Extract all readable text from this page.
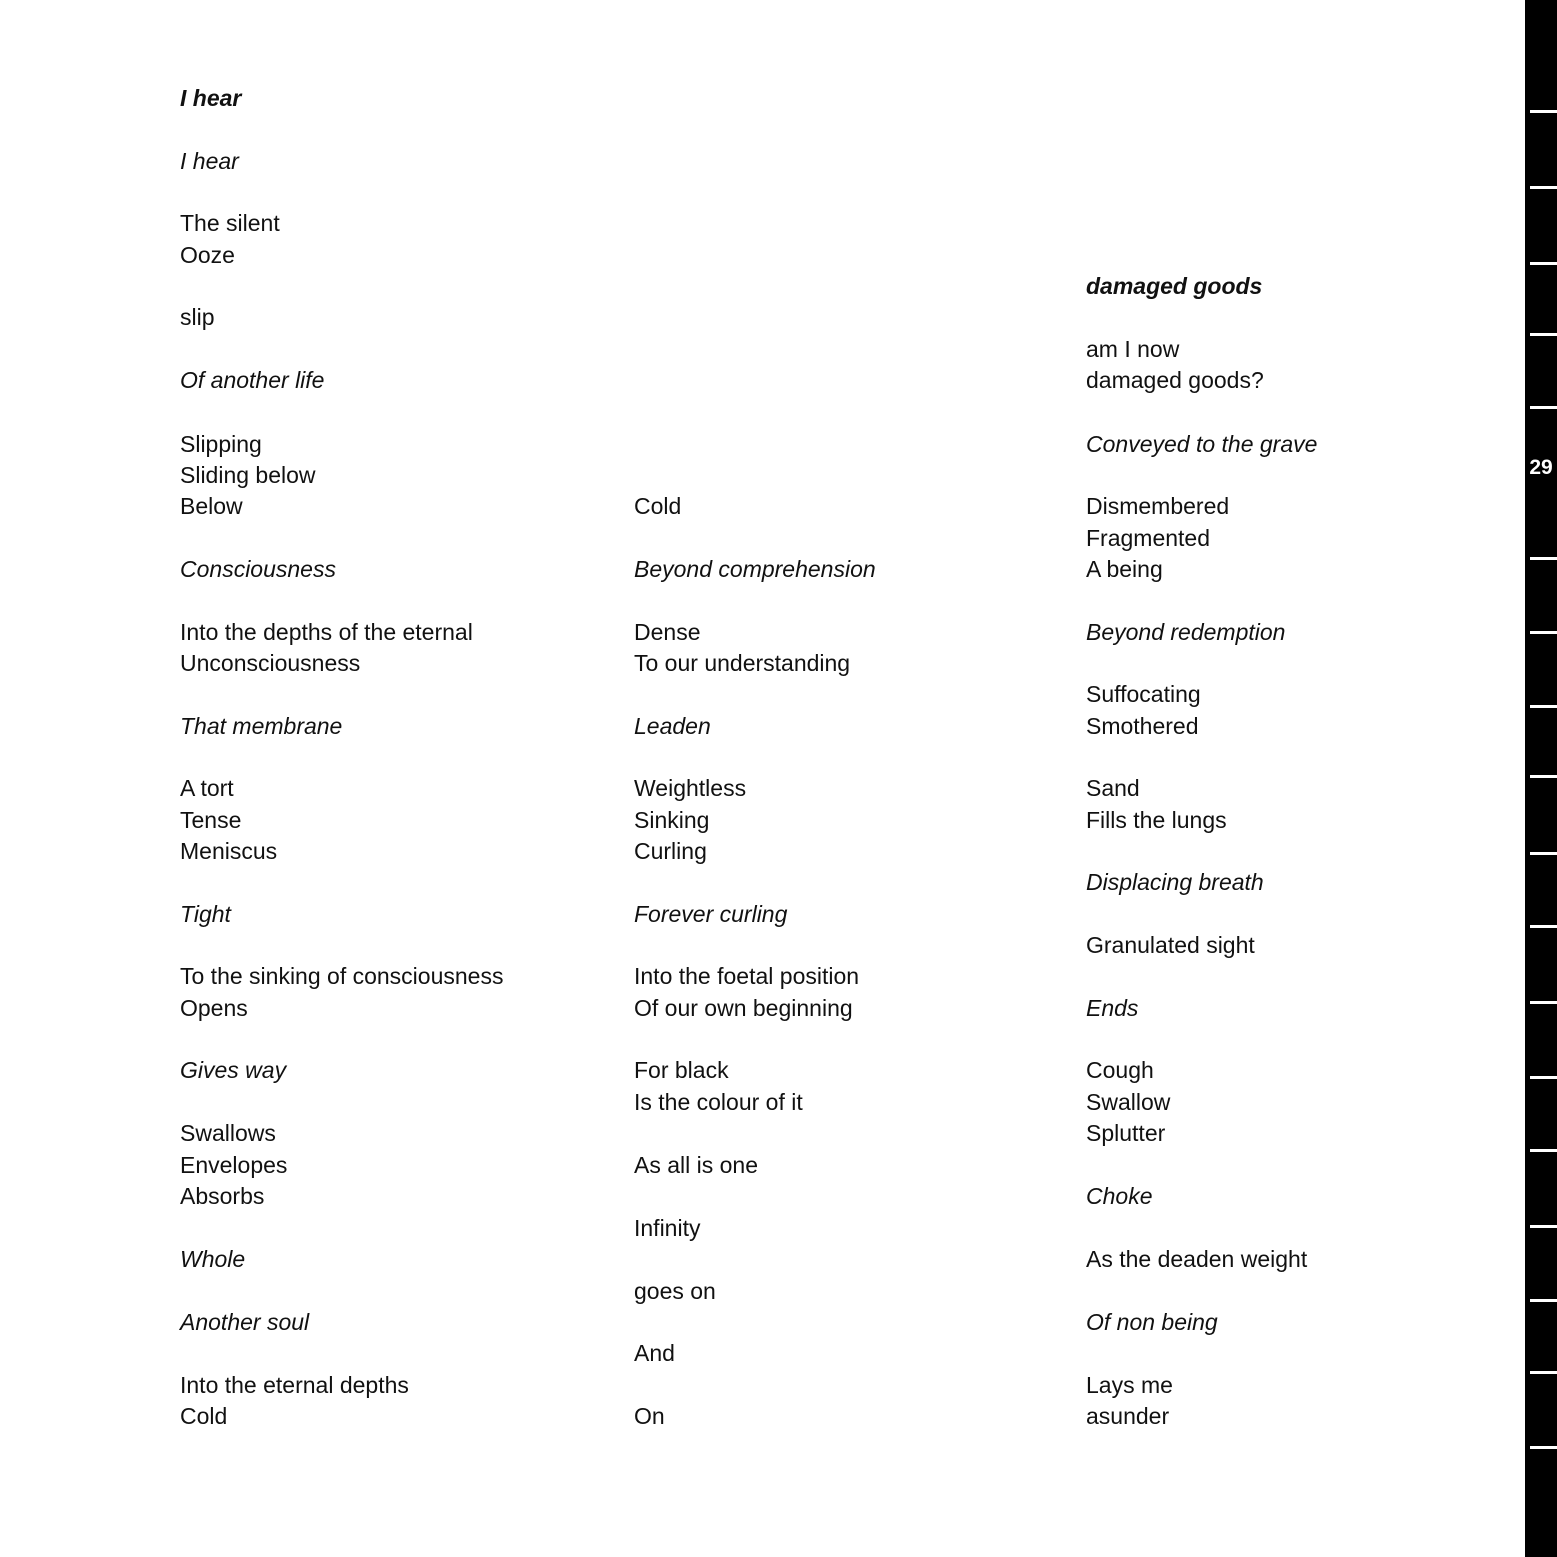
I hear
I hear
The silent
Ooze
slip
Of another life
Slipping
Sliding below
Below
Consciousness
Into the depths of the eternal
Unconsciousness
That membrane
A tort
Tense
Meniscus
Tight
To the sinking of consciousness
Opens
Gives way
Swallows
Envelopes
Absorbs
Whole
Another soul
Into the eternal depths
Cold
Cold
Beyond comprehension
Dense
To our understanding
Leaden
Weightless
Sinking
Curling
Forever curling
Into the foetal position
Of our own beginning
For black
Is the colour of it
As all is one
Infinity
goes on
And
On
damaged goods
am I now
damaged goods?
Conveyed to the grave
Dismembered
Fragmented
A being
Beyond redemption
Suffocating
Smothered
Sand
Fills the lungs
Displacing breath
Granulated sight
Ends
Cough
Swallow
Splutter
Choke
As the deaden weight
Of non being
Lays me
asunder
29
